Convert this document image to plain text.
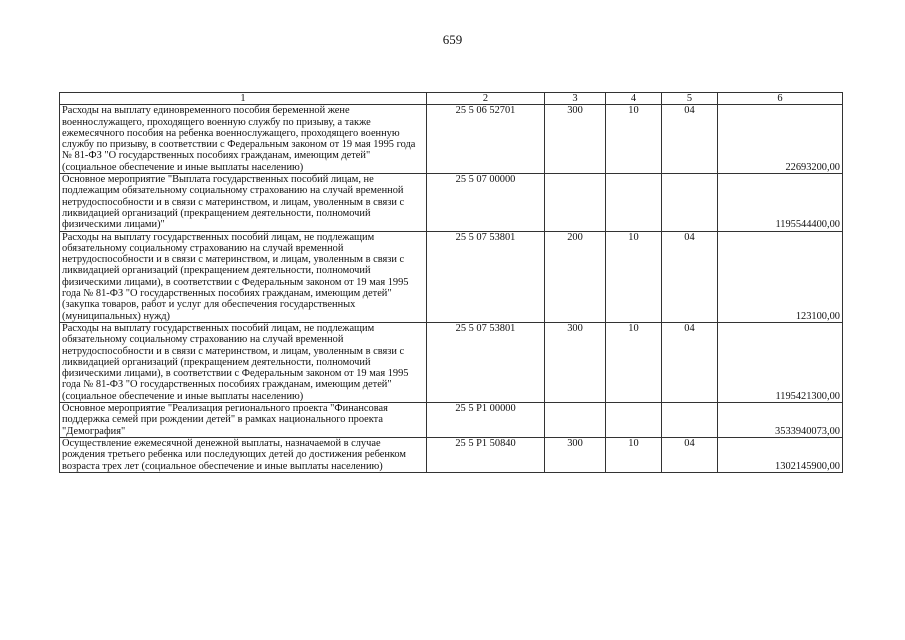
659
1	2	3	4	5	6
Расходы на выплату единовременного пособия беременной жене военнослужащего, проходящего военную службу по призыву, а также ежемесячного пособия на ребенка военнослужащего, проходящего военную службу по призыву, в соответствии с Федеральным законом от 19 мая 1995 года № 81-ФЗ "О государственных пособиях гражданам, имеющим детей" (социальное обеспечение и иные выплаты населению)	25 5 06 52701	300	10	04	22693200,00
Основное мероприятие "Выплата государственных пособий лицам, не подлежащим обязательному социальному страхованию на случай временной нетрудоспособности и в связи с материнством, и лицам, уволенным в связи с ликвидацией организаций (прекращением деятельности, полномочий физическими лицами)"	25 5 07 00000				1195544400,00
Расходы на выплату государственных пособий лицам, не подлежащим обязательному социальному страхованию на случай временной нетрудоспособности и в связи с материнством, и лицам, уволенным в связи с ликвидацией организаций (прекращением деятельности, полномочий физическими лицами), в соответствии с Федеральным законом от 19 мая 1995 года № 81-ФЗ "О государственных пособиях гражданам, имеющим детей" (закупка товаров, работ и услуг для обеспечения государственных (муниципальных) нужд)	25 5 07 53801	200	10	04	123100,00
Расходы на выплату государственных пособий лицам, не подлежащим обязательному социальному страхованию на случай временной нетрудоспособности и в связи с материнством, и лицам, уволенным в связи с ликвидацией организаций (прекращением деятельности, полномочий физическими лицами), в соответствии с Федеральным законом от 19 мая 1995 года № 81-ФЗ "О государственных пособиях гражданам, имеющим детей" (социальное обеспечение и иные выплаты населению)	25 5 07 53801	300	10	04	1195421300,00
Основное мероприятие "Реализация регионального проекта "Финансовая поддержка семей при рождении детей" в рамках национального проекта "Демография"	25 5 P1 00000				3533940073,00
Осуществление ежемесячной денежной выплаты, назначаемой в случае рождения третьего ребенка или последующих детей до достижения ребенком возраста трех лет (социальное обеспечение и иные выплаты населению)	25 5 P1 50840	300	10	04	1302145900,00
